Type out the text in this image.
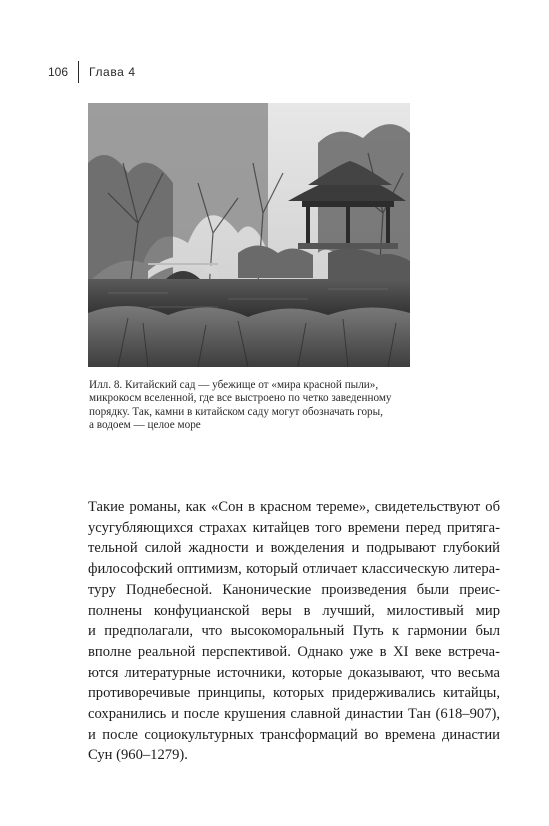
106 Глава 4
Илл. 8. Китайский сад — убежище от «мира красной пыли»,
микрокосм вселенной, где все выстроено по четко заведенному
порядку. Так, камни в китайском саду могут обозначать горы,
а водоем — целое море
Такие романы, как «Сон в красном тереме», свидетельствуют об
усугубляющихся страхах китайцев того времени перед притяга-
тельной силой жадности и вожделения и подрывают глубокий
философский оптимизм, который отличает классическую литера-
туру Поднебесной. Канонические произведения были преис-
полнены конфуцианской веры в лучший, милостивый мир
и предполагали, что высокоморальный Путь к гармонии был
вполне реальной перспективой. Однако уже в XI веке встреча-
ются литературные источники, которые доказывают, что весьма
противоречивые принципы, которых придерживались китайцы,
сохранились и после крушения славной династии Тан (618–907),
и после социокультурных трансформаций во времена династии
Сун (960–1279).
